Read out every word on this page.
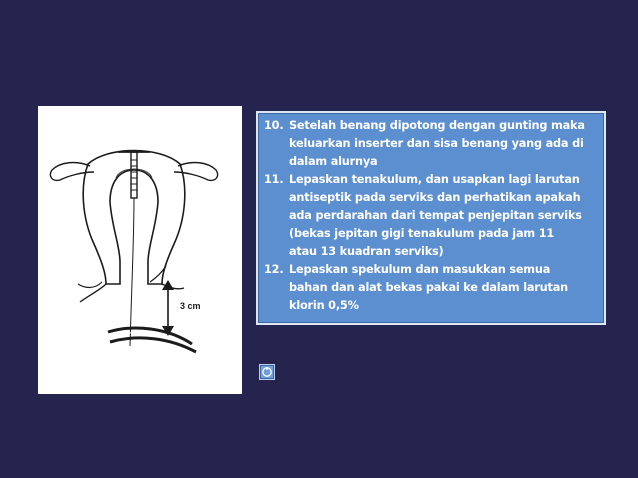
3 cm
10. Setelah benang dipotong dengan gunting maka
keluarkan inserter dan sisa benang yang ada di
dalam alurnya
11. Lepaskan tenakulum, dan usapkan lagi larutan
antiseptik pada serviks dan perhatikan apakah
ada perdarahan dari tempat penjepitan serviks
(bekas jepitan gigi tenakulum pada jam 11
atau 13 kuadran serviks)
12. Lepaskan spekulum dan masukkan semua
bahan dan alat bekas pakai ke dalam larutan
klorin 0,5%
